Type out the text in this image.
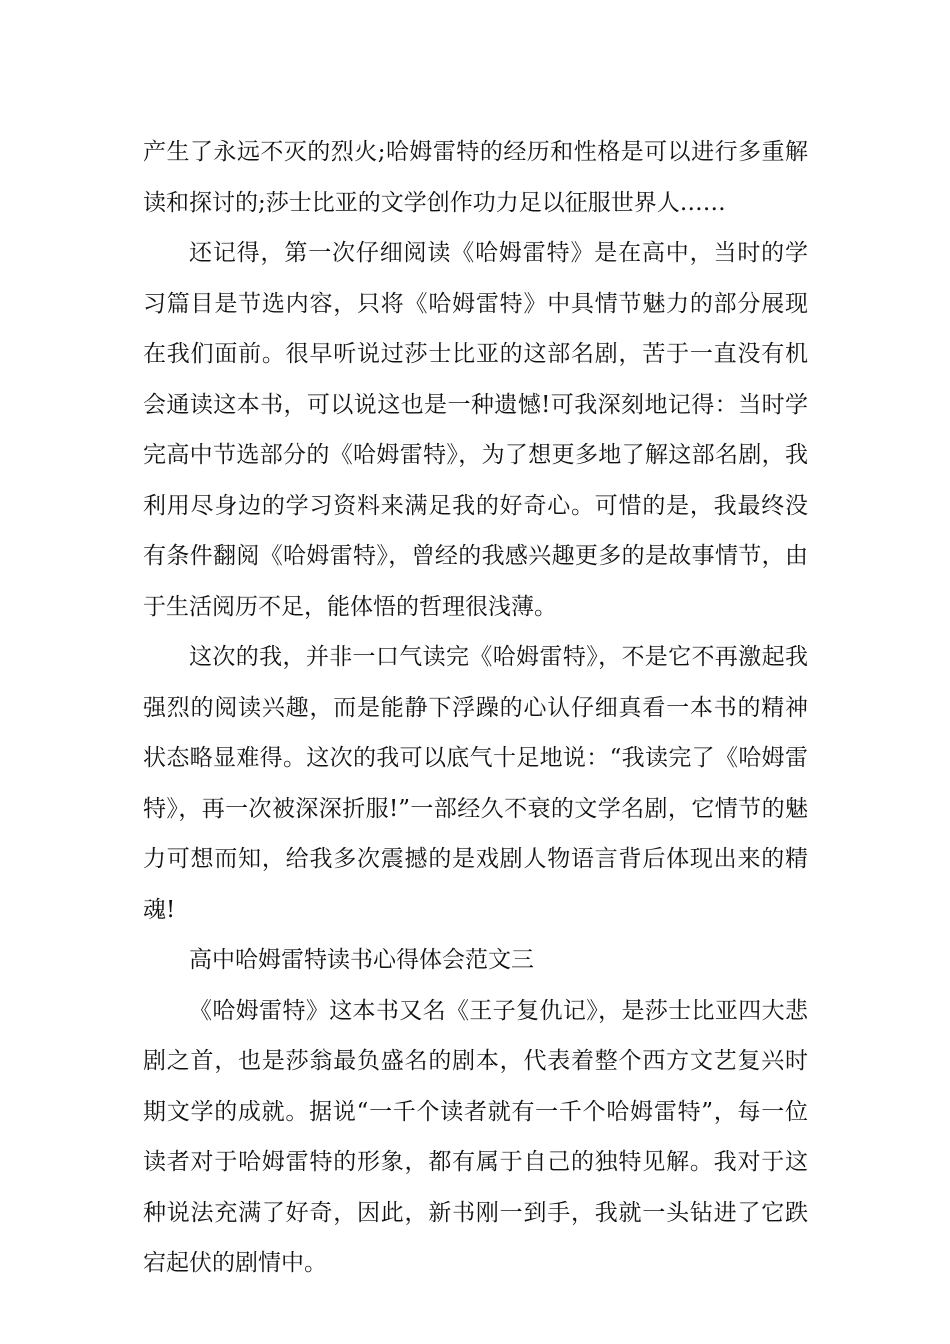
产生了永远不灭的烈火;哈姆雷特的经历和性格是可以进行多重解读和探讨的;莎士比亚的文学创作功力足以征服世界人……

还记得，第一次仔细阅读《哈姆雷特》是在高中，当时的学习篇目是节选内容，只将《哈姆雷特》中具情节魅力的部分展现在我们面前。很早听说过莎士比亚的这部名剧，苦于一直没有机会通读这本书，可以说这也是一种遗憾!可我深刻地记得：当时学完高中节选部分的《哈姆雷特》，为了想更多地了解这部名剧，我利用尽身边的学习资料来满足我的好奇心。可惜的是，我最终没有条件翻阅《哈姆雷特》，曾经的我感兴趣更多的是故事情节，由于生活阅历不足，能体悟的哲理很浅薄。

这次的我，并非一口气读完《哈姆雷特》，不是它不再激起我强烈的阅读兴趣，而是能静下浮躁的心认仔细真看一本书的精神状态略显难得。这次的我可以底气十足地说：“我读完了《哈姆雷特》，再一次被深深折服!”一部经久不衰的文学名剧，它情节的魅力可想而知，给我多次震撼的是戏剧人物语言背后体现出来的精魂!

高中哈姆雷特读书心得体会范文三

《哈姆雷特》这本书又名《王子复仇记》，是莎士比亚四大悲剧之首，也是莎翁最负盛名的剧本，代表着整个西方文艺复兴时期文学的成就。据说“一千个读者就有一千个哈姆雷特”，每一位读者对于哈姆雷特的形象，都有属于自己的独特见解。我对于这种说法充满了好奇，因此，新书刚一到手，我就一头钻进了它跌宕起伏的剧情中。
